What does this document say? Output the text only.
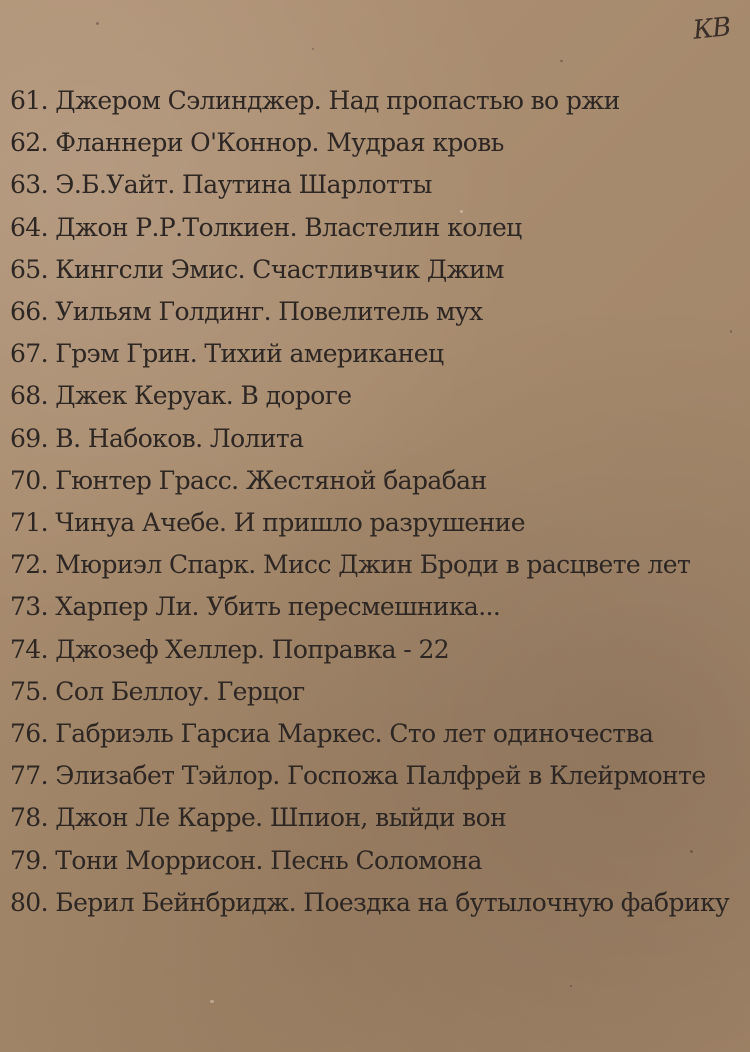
КВ
61. Джером Сэлинджер. Над пропастью во ржи
62. Фланнери О'Коннор. Мудрая кровь
63. Э.Б.Уайт. Паутина Шарлотты
64. Джон Р.Р.Толкиен. Властелин колец
65. Кингсли Эмис. Счастливчик Джим
66. Уильям Голдинг. Повелитель мух
67. Грэм Грин. Тихий американец
68. Джек Керуак. В дороге
69. В. Набоков. Лолита
70. Гюнтер Грасс. Жестяной барабан
71. Чинуа Ачебе. И пришло разрушение
72. Мюриэл Спарк. Мисс Джин Броди в расцвете лет
73. Харпер Ли. Убить пересмешника...
74. Джозеф Хеллер. Поправка - 22
75. Сол Беллоу. Герцог
76. Габриэль Гарсиа Маркес. Сто лет одиночества
77. Элизабет Тэйлор. Госпожа Палфрей в Клейрмонте
78. Джон Ле Карре. Шпион, выйди вон
79. Тони Моррисон. Песнь Соломона
80. Берил Бейнбридж. Поездка на бутылочную фабрику
